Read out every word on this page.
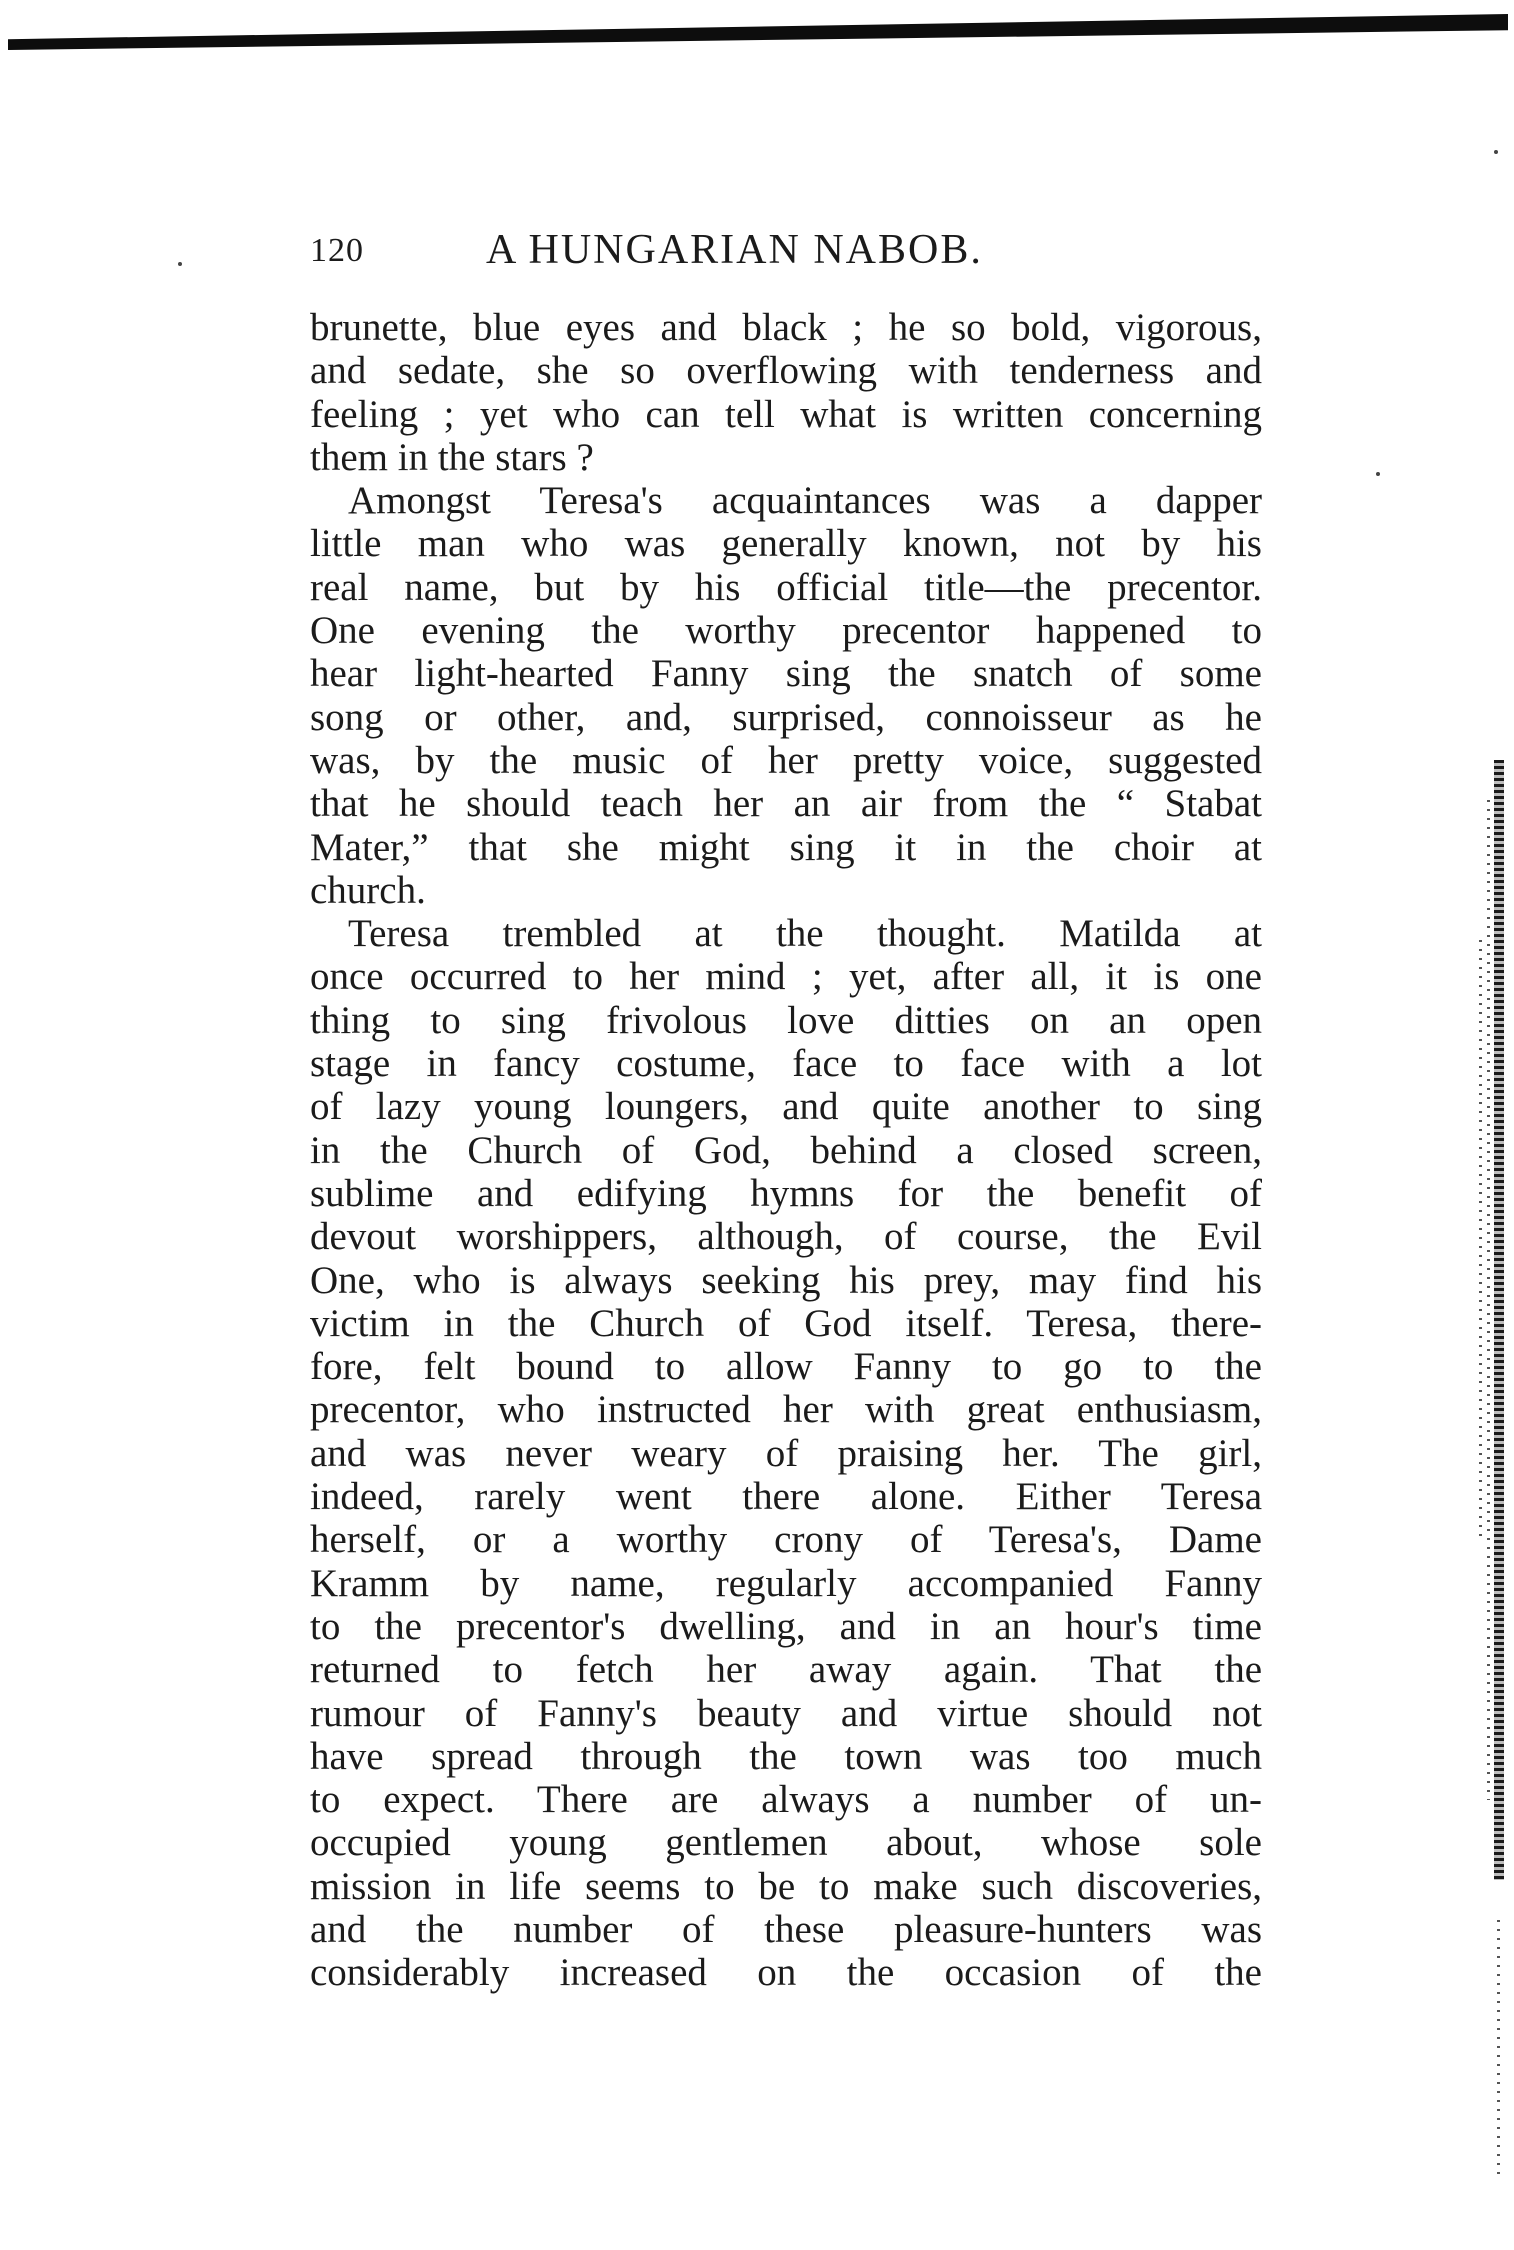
120	A HUNGARIAN NABOB.
brunette, blue eyes and black ; he so bold, vigorous,
and sedate, she so overflowing with tenderness and
feeling ; yet who can tell what is written concerning
them in the stars ?
Amongst Teresa's acquaintances was a dapper
little man who was generally known, not by his
real name, but by his official title—the precentor.
One evening the worthy precentor happened to
hear light-hearted Fanny sing the snatch of some
song or other, and, surprised, connoisseur as he
was, by the music of her pretty voice, suggested
that he should teach her an air from the “ Stabat
Mater,” that she might sing it in the choir at
church.
Teresa trembled at the thought. Matilda at
once occurred to her mind ; yet, after all, it is one
thing to sing frivolous love ditties on an open
stage in fancy costume, face to face with a lot
of lazy young loungers, and quite another to sing
in the Church of God, behind a closed screen,
sublime and edifying hymns for the benefit of
devout worshippers, although, of course, the Evil
One, who is always seeking his prey, may find his
victim in the Church of God itself. Teresa, there-
fore, felt bound to allow Fanny to go to the
precentor, who instructed her with great enthusiasm,
and was never weary of praising her. The girl,
indeed, rarely went there alone. Either Teresa
herself, or a worthy crony of Teresa's, Dame
Kramm by name, regularly accompanied Fanny
to the precentor's dwelling, and in an hour's time
returned to fetch her away again. That the
rumour of Fanny's beauty and virtue should not
have spread through the town was too much
to expect. There are always a number of un-
occupied young gentlemen about, whose sole
mission in life seems to be to make such discoveries,
and the number of these pleasure-hunters was
considerably increased on the occasion of the
